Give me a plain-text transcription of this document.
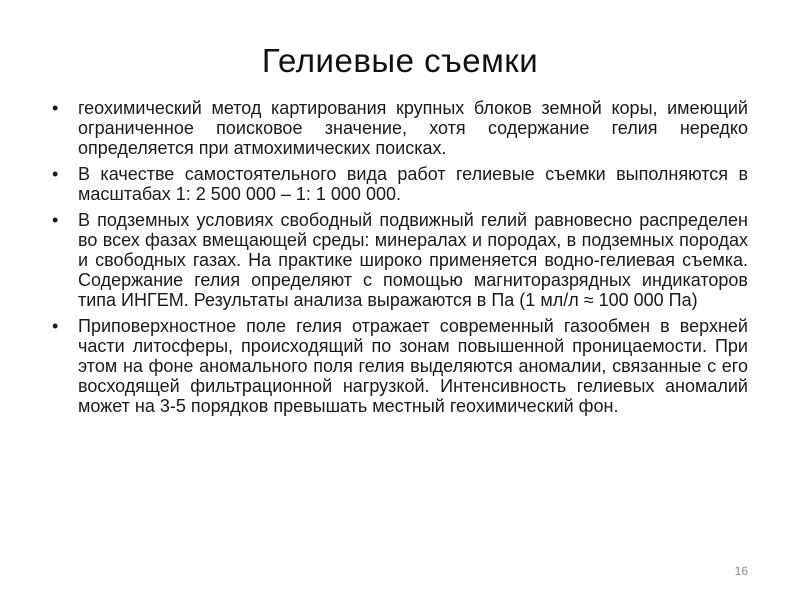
Гелиевые съемки
• геохимический метод картирования крупных блоков земной коры, имеющий ограниченное поисковое значение, хотя содержание гелия нередко определяется при атмохимических поисках.
• В качестве самостоятельного вида работ гелиевые съемки выполняются в масштабах 1: 2 500 000 – 1: 1 000 000.
• В подземных условиях свободный подвижный гелий равновесно распределен во всех фазах вмещающей среды: минералах и породах, в подземных породах и свободных газах. На практике широко применяется водно-гелиевая съемка. Содержание гелия определяют с помощью магниторазрядных индикаторов типа ИНГЕМ. Результаты анализа выражаются в Па (1 мл/л ≈ 100 000 Па)
• Приповерхностное поле гелия отражает современный газообмен в верхней части литосферы, происходящий по зонам повышенной проницаемости. При этом на фоне аномального поля гелия выделяются аномалии, связанные с его восходящей фильтрационной нагрузкой. Интенсивность гелиевых аномалий может на 3-5 порядков превышать местный геохимический фон.
16
